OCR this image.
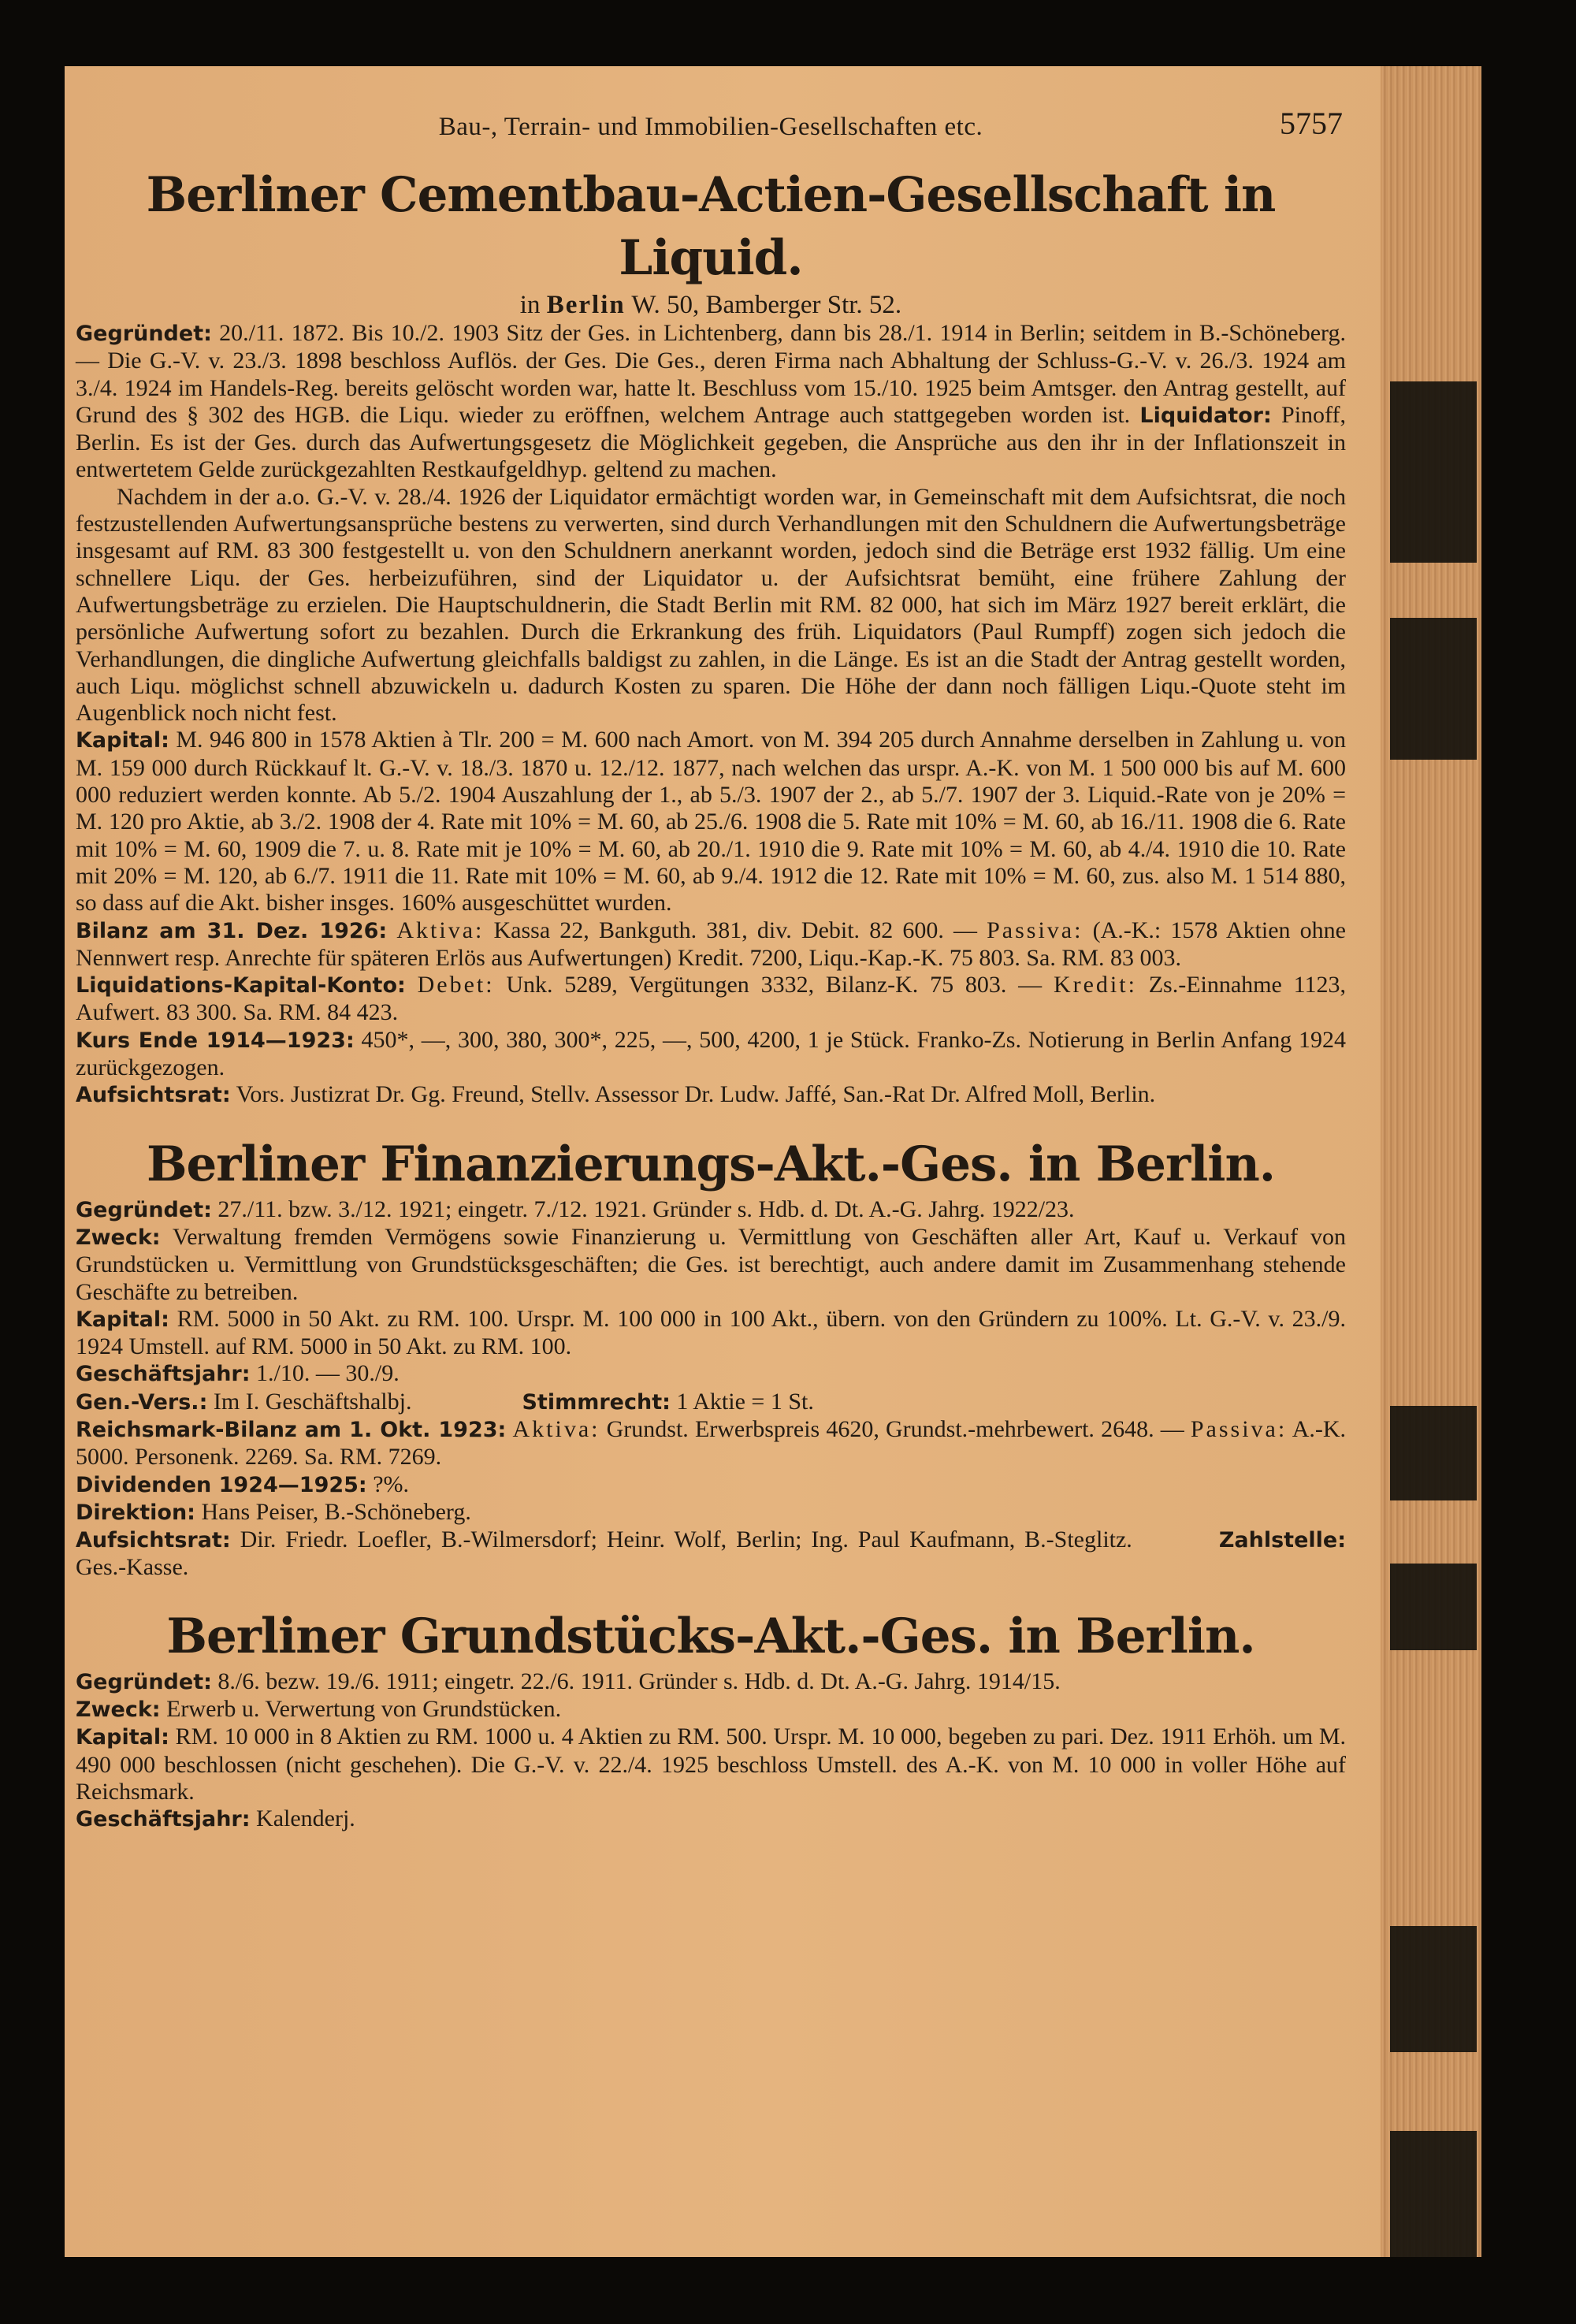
Bau-, Terrain- und Immobilien-Gesellschaften etc.	5757
Berliner Cementbau-Actien-Gesellschaft in Liquid.
in Berlin W. 50, Bamberger Str. 52.

Gegründet: 20./11. 1872. Bis 10./2. 1903 Sitz der Ges. in Lichtenberg, dann bis 28./1. 1914 in Berlin; seitdem in B.-Schöneberg. — Die G.-V. v. 23./3. 1898 beschloss Auflös. der Ges. Die Ges., deren Firma nach Abhaltung der Schluss-G.-V. v. 26./3. 1924 am 3./4. 1924 im Handels-Reg. bereits gelöscht worden war, hatte lt. Beschluss vom 15./10. 1925 beim Amtsger. den Antrag gestellt, auf Grund des § 302 des HGB. die Liqu. wieder zu eröffnen, welchem Antrage auch stattgegeben worden ist. Liquidator: Pinoff, Berlin. Es ist der Ges. durch das Aufwertungsgesetz die Möglichkeit gegeben, die Ansprüche aus den ihr in der Inflationszeit in entwertetem Gelde zurückgezahlten Restkaufgeldhyp. geltend zu machen.

Nachdem in der a.o. G.-V. v. 28./4. 1926 der Liquidator ermächtigt worden war, in Gemeinschaft mit dem Aufsichtsrat, die noch festzustellenden Aufwertungsansprüche bestens zu verwerten, sind durch Verhandlungen mit den Schuldnern die Aufwertungsbeträge insgesamt auf RM. 83 300 festgestellt u. von den Schuldnern anerkannt worden, jedoch sind die Beträge erst 1932 fällig. Um eine schnellere Liqu. der Ges. herbeizuführen, sind der Liquidator u. der Aufsichtsrat bemüht, eine frühere Zahlung der Aufwertungsbeträge zu erzielen. Die Hauptschuldnerin, die Stadt Berlin mit RM. 82 000, hat sich im März 1927 bereit erklärt, die persönliche Aufwertung sofort zu bezahlen. Durch die Erkrankung des früh. Liquidators (Paul Rumpff) zogen sich jedoch die Verhandlungen, die dingliche Aufwertung gleichfalls baldigst zu zahlen, in die Länge. Es ist an die Stadt der Antrag gestellt worden, auch Liqu. möglichst schnell abzuwickeln u. dadurch Kosten zu sparen. Die Höhe der dann noch fälligen Liqu.-Quote steht im Augenblick noch nicht fest.

Kapital: M. 946 800 in 1578 Aktien à Tlr. 200 = M. 600 nach Amort. von M. 394 205 durch Annahme derselben in Zahlung u. von M. 159 000 durch Rückkauf lt. G.-V. v. 18./3. 1870 u. 12./12. 1877, nach welchen das urspr. A.-K. von M. 1 500 000 bis auf M. 600 000 reduziert werden konnte. Ab 5./2. 1904 Auszahlung der 1., ab 5./3. 1907 der 2., ab 5./7. 1907 der 3. Liquid.-Rate von je 20% = M. 120 pro Aktie, ab 3./2. 1908 der 4. Rate mit 10% = M. 60, ab 25./6. 1908 die 5. Rate mit 10% = M. 60, ab 16./11. 1908 die 6. Rate mit 10% = M. 60, 1909 die 7. u. 8. Rate mit je 10% = M. 60, ab 20./1. 1910 die 9. Rate mit 10% = M. 60, ab 4./4. 1910 die 10. Rate mit 20% = M. 120, ab 6./7. 1911 die 11. Rate mit 10% = M. 60, ab 9./4. 1912 die 12. Rate mit 10% = M. 60, zus. also M. 1 514 880, so dass auf die Akt. bisher insges. 160% ausgeschüttet wurden.

Bilanz am 31. Dez. 1926: Aktiva: Kassa 22, Bankguth. 381, div. Debit. 82 600. — Passiva: (A.-K.: 1578 Aktien ohne Nennwert resp. Anrechte für späteren Erlös aus Aufwertungen) Kredit. 7200, Liqu.-Kap.-K. 75 803. Sa. RM. 83 003.

Liquidations-Kapital-Konto: Debet: Unk. 5289, Vergütungen 3332, Bilanz-K. 75 803. — Kredit: Zs.-Einnahme 1123, Aufwert. 83 300. Sa. RM. 84 423.

Kurs Ende 1914—1923: 450*, —, 300, 380, 300*, 225, —, 500, 4200, 1 je Stück. Franko-Zs. Notierung in Berlin Anfang 1924 zurückgezogen.

Aufsichtsrat: Vors. Justizrat Dr. Gg. Freund, Stellv. Assessor Dr. Ludw. Jaffé, San.-Rat Dr. Alfred Moll, Berlin.

Berliner Finanzierungs-Akt.-Ges. in Berlin.

Gegründet: 27./11. bzw. 3./12. 1921; eingetr. 7./12. 1921. Gründer s. Hdb. d. Dt. A.-G. Jahrg. 1922/23.

Zweck: Verwaltung fremden Vermögens sowie Finanzierung u. Vermittlung von Geschäften aller Art, Kauf u. Verkauf von Grundstücken u. Vermittlung von Grundstücksgeschäften; die Ges. ist berechtigt, auch andere damit im Zusammenhang stehende Geschäfte zu betreiben.

Kapital: RM. 5000 in 50 Akt. zu RM. 100. Urspr. M. 100 000 in 100 Akt., übern. von den Gründern zu 100%. Lt. G.-V. v. 23./9. 1924 Umstell. auf RM. 5000 in 50 Akt. zu RM. 100.

Geschäftsjahr: 1./10. — 30./9.

Gen.-Vers.: Im I. Geschäftshalbj.	Stimmrecht: 1 Aktie = 1 St.

Reichsmark-Bilanz am 1. Okt. 1923: Aktiva: Grundst. Erwerbspreis 4620, Grundst.-mehrbewert. 2648. — Passiva: A.-K. 5000. Personenk. 2269. Sa. RM. 7269.

Dividenden 1924—1925: ?%.

Direktion: Hans Peiser, B.-Schöneberg.

Aufsichtsrat: Dir. Friedr. Loefler, B.-Wilmersdorf; Heinr. Wolf, Berlin; Ing. Paul Kaufmann, B.-Steglitz.	Zahlstelle: Ges.-Kasse.

Berliner Grundstücks-Akt.-Ges. in Berlin.

Gegründet: 8./6. bezw. 19./6. 1911; eingetr. 22./6. 1911. Gründer s. Hdb. d. Dt. A.-G. Jahrg. 1914/15.

Zweck: Erwerb u. Verwertung von Grundstücken.

Kapital: RM. 10 000 in 8 Aktien zu RM. 1000 u. 4 Aktien zu RM. 500. Urspr. M. 10 000, begeben zu pari. Dez. 1911 Erhöh. um M. 490 000 beschlossen (nicht geschehen). Die G.-V. v. 22./4. 1925 beschloss Umstell. des A.-K. von M. 10 000 in voller Höhe auf Reichsmark.

Geschäftsjahr: Kalenderj.
